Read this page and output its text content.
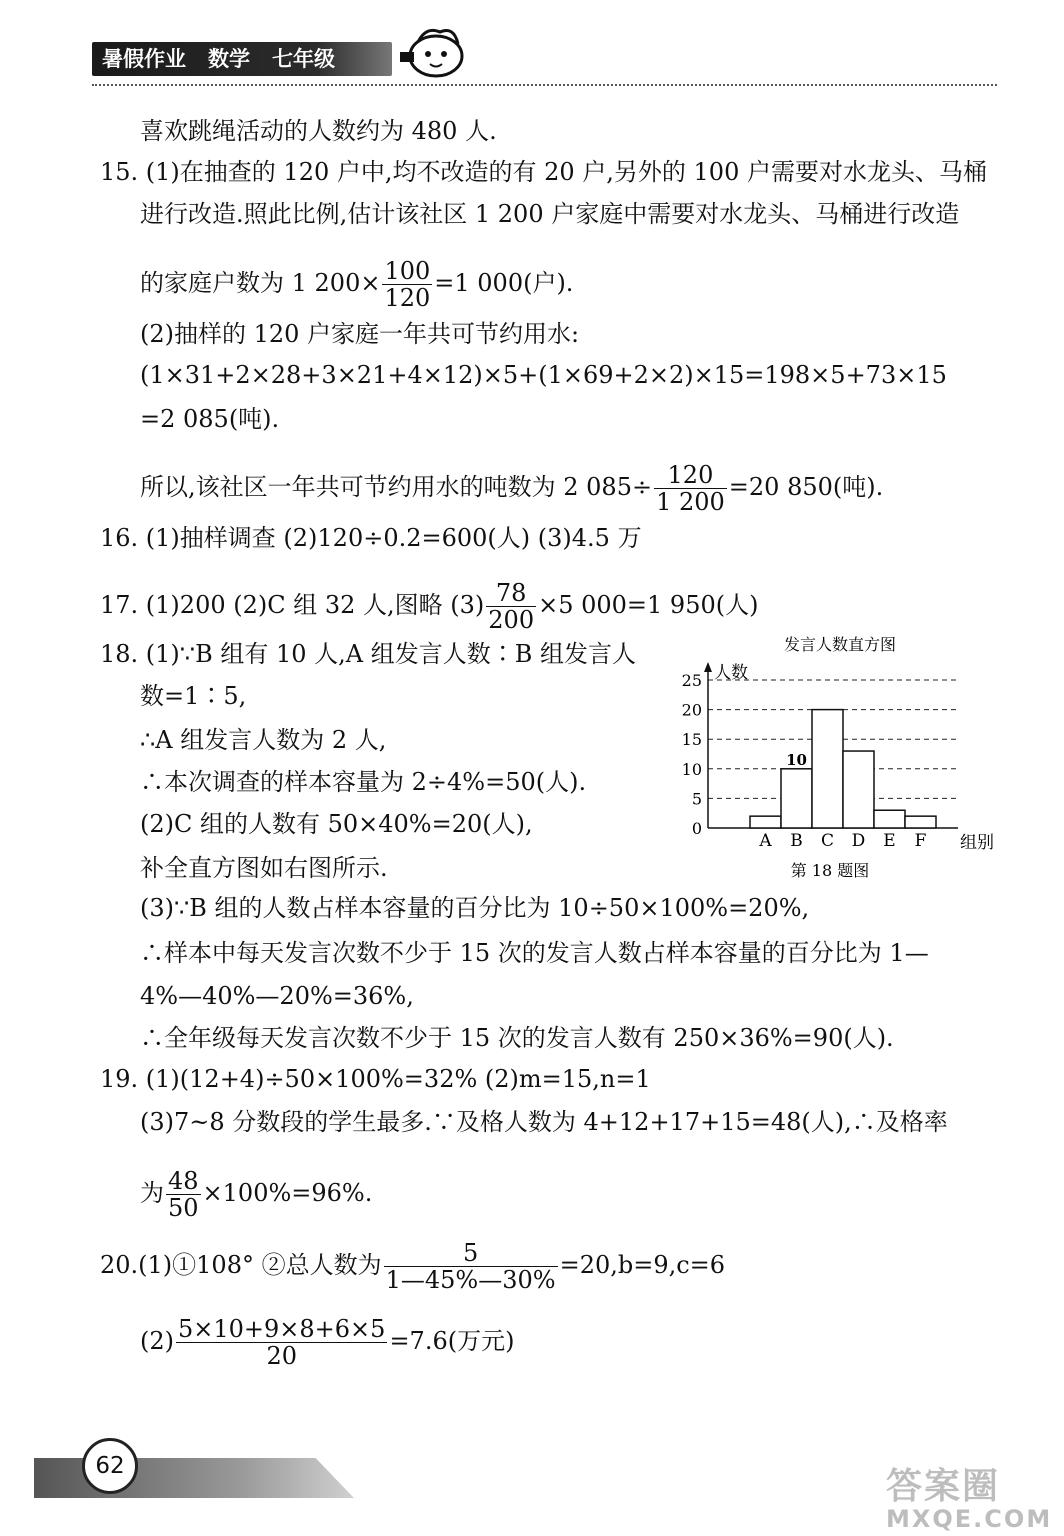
暑假作业 数学 七年级
喜欢跳绳活动的人数约为 480 人.
15. (1)在抽查的 120 户中,均不改造的有 20 户,另外的 100 户需要对水龙头、马桶
进行改造.照此比例,估计该社区 1 200 户家庭中需要对水龙头、马桶进行改造
的家庭户数为 1 $200\times \frac{100}{120} =1$ 000(户).
(2)抽样的 120 户家庭一年共可节约用水:
(1×31+2×28+3×21+4×12)×5+(1×69+2×2)×15=198×5+73×15
=2 085(吨).
所以,该社区一年共可节约用水的吨数为 2 $085\div \frac{120}{1 200} =20$ 850(吨).
16. (1)抽样调查 (2)120÷0.2=600(人) (3)4.5 万
17. (1)200 (2)C 组 32 人,图略 $(3) \frac{78}{200} \times 5$ 000=1 950(人)
18. (1)∵B 组有 10 人,A 组发言人数∶B 组发言人
数=1∶5,
∴A 组发言人数为 2 人,
∴本次调查的样本容量为 2÷4%=50(人).
(2)C 组的人数有 50×40%=20(人),
补全直方图如右图所示.
(3)∵B 组的人数占样本容量的百分比为 10÷50×100%=20%,
∴样本中每天发言次数不少于 15 次的发言人数占样本容量的百分比为 1—
4%—40%—20%=36%,
∴全年级每天发言次数不少于 15 次的发言人数有 250×36%=90(人).
19. (1)(12+4)÷50×100%=32% (2)m=15,n=1
(3)7~8 分数段的学生最多.∵及格人数为 4+12+17+15=48(人),∴及格率
为 $\frac{48}{50} \times 100\%=96\%$.
20.(1)①108° ②总人数为 $\frac{5}{1—45\%—30\%} =20,b=9,c=6$
$(2) \frac{5\times 10+9\times 8+6\times 5}{20} =7.6$(万元)
发言人数直方图
0
5
10
15
20
25 人数
组别
A B
10
C D E F
第 18 题图
62	答案圈
MXQE.COM
